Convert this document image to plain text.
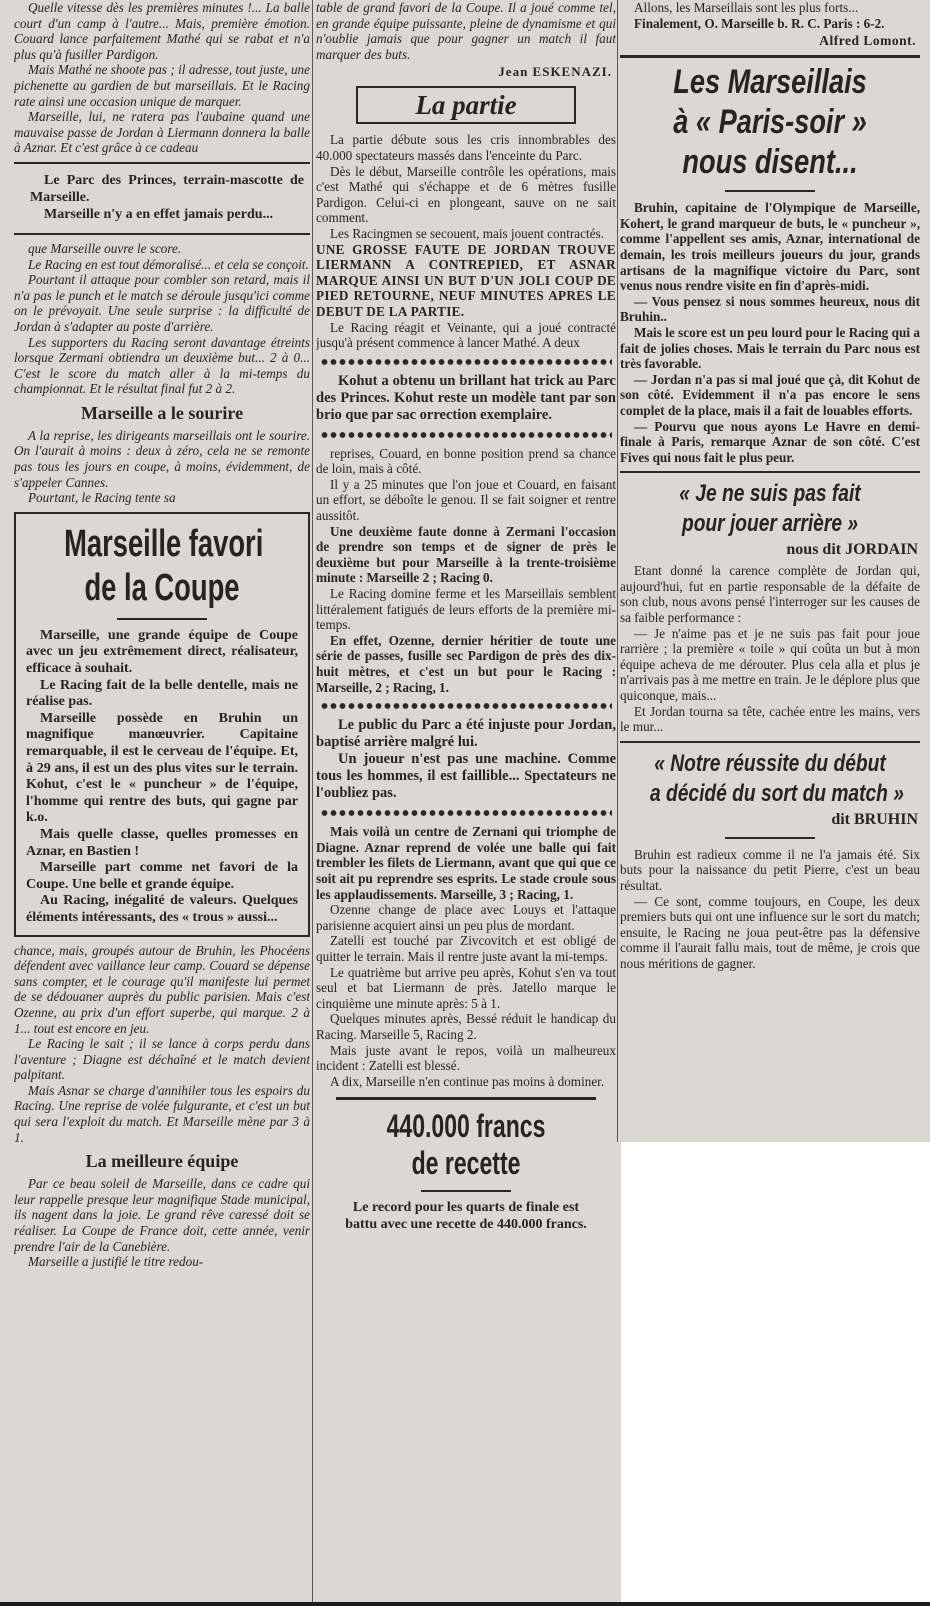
Quelle vitesse dès les premières minutes !... La balle court d'un camp à l'autre... Mais, première émotion. Couard lance parfaitement Mathé qui se rabat et n'a plus qu'à fusiller Pardigon.

Mais Mathé ne shoote pas ; il adresse, tout juste, une pichenette au gardien de but marseillais. Et le Racing rate ainsi une occasion unique de marquer.

Marseille, lui, ne ratera pas l'aubaine quand une mauvaise passe de Jordan à Liermann donnera la balle à Aznar. Et c'est grâce à ce cadeau

Le Parc des Princes, terrain-mascotte de Marseille.

Marseille n'y a en effet jamais perdu...

que Marseille ouvre le score.

Le Racing en est tout démoralisé... et cela se conçoit.

Pourtant il attaque pour combler son retard, mais il n'a pas le punch et le match se déroule jusqu'ici comme on le prévoyait. Une seule surprise : la difficulté de Jordan à s'adapter au poste d'arrière.

Les supporters du Racing seront davantage étreints lorsque Zermani obtiendra un deuxième but... 2 à 0... C'est le score du match aller à la mi-temps du championnat. Et le résultat final fut 2 à 2.

Marseille a le sourire

A la reprise, les dirigeants marseillais ont le sourire. On l'aurait à moins : deux à zéro, cela ne se remonte pas tous les jours en coupe, à moins, évidemment, de s'appeler Cannes.

Pourtant, le Racing tente sa

Marseille favori
de la Coupe

Marseille, une grande équipe de Coupe avec un jeu extrêmement direct, réalisateur, efficace à souhait.

Le Racing fait de la belle dentelle, mais ne réalise pas.

Marseille possède en Bruhin un magnifique manœuvrier. Capitaine remarquable, il est le cerveau de l'équipe. Et, à 29 ans, il est un des plus vites sur le terrain. Kohut, c'est le « puncheur » de l'équipe, l'homme qui rentre des buts, qui gagne par k.o.

Mais quelle classe, quelles promesses en Aznar, en Bastien !

Marseille part comme net favori de la Coupe. Une belle et grande équipe.

Au Racing, inégalité de valeurs. Quelques éléments intéressants, des « trous » aussi...

chance, mais, groupés autour de Bruhin, les Phocéens défendent avec vaillance leur camp. Couard se dépense sans compter, et le courage qu'il manifeste lui permet de se dédouaner auprès du public parisien. Mais c'est Ozenne, au prix d'un effort superbe, qui marque. 2 à 1... tout est encore en jeu.

Le Racing le sait ; il se lance à corps perdu dans l'aventure ; Diagne est déchaîné et le match devient palpitant.

Mais Asnar se charge d'annihiler tous les espoirs du Racing. Une reprise de volée fulgurante, et c'est un but qui sera l'exploit du match. Et Marseille mène par 3 à 1.

La meilleure équipe

Par ce beau soleil de Marseille, dans ce cadre qui leur rappelle presque leur magnifique Stade municipal, ils nagent dans la joie. Le grand rêve caressé doit se réaliser. La Coupe de France doit, cette année, venir prendre l'air de la Canebière.

Marseille a justifié le titre redou-

table de grand favori de la Coupe. Il a joué comme tel, en grande équipe puissante, pleine de dynamisme et qui n'oublie jamais que pour gagner un match il faut marquer des buts.

Jean ESKENAZI.
La partie

La partie débute sous les cris innombrables des 40.000 spectateurs massés dans l'enceinte du Parc.

Dès le début, Marseille contrôle les opérations, mais c'est Mathé qui s'échappe et de 6 mètres fusille Pardigon. Celui-ci en plongeant, sauve on ne sait comment.

Les Racingmen se secouent, mais jouent contractés.

UNE GROSSE FAUTE DE JORDAN TROUVE LIERMANN A CONTREPIED, ET ASNAR MARQUE AINSI UN BUT D'UN JOLI COUP DE PIED RETOURNE, NEUF MINUTES APRES LE DEBUT DE LA PARTIE.

Le Racing réagit et Veinante, qui a joué contracté jusqu'à présent commence à lancer Mathé. A deux

Kohut a obtenu un brillant hat trick au Parc des Princes. Kohut reste un modèle tant par son brio que par sac orrection exemplaire.

reprises, Couard, en bonne position prend sa chance de loin, mais à côté.

Il y a 25 minutes que l'on joue et Couard, en faisant un effort, se déboîte le genou. Il se fait soigner et rentre aussitôt.

Une deuxième faute donne à Zermani l'occasion de prendre son temps et de signer de près le deuxième but pour Marseille à la trente-troisième minute : Marseille 2 ; Racing 0.

Le Racing domine ferme et les Marseillais semblent littéralement fatigués de leurs efforts de la première mi-temps.

En effet, Ozenne, dernier héritier de toute une série de passes, fusille sec Pardigon de près des dix-huit mètres, et c'est un but pour le Racing : Marseille, 2 ; Racing, 1.

Le public du Parc a été injuste pour Jordan, baptisé arrière malgré lui.

Un joueur n'est pas une machine. Comme tous les hommes, il est faillible... Spectateurs ne l'oubliez pas.

Mais voilà un centre de Zernani qui triomphe de Diagne. Aznar reprend de volée une balle qui fait trembler les filets de Liermann, avant que qui que ce soit ait pu reprendre ses esprits. Le stade croule sous les applaudissements. Marseille, 3 ; Racing, 1.

Ozenne change de place avec Louys et l'attaque parisienne acquiert ainsi un peu plus de mordant.

Zatelli est touché par Zivcovitch et est obligé de quitter le terrain. Mais il rentre juste avant la mi-temps.

Le quatrième but arrive peu après, Kohut s'en va tout seul et bat Liermann de près. Jatello marque le cinquième une minute après: 5 à 1.

Quelques minutes après, Bessé réduit le handicap du Racing. Marseille 5, Racing 2.

Mais juste avant le repos, voilà un malheureux incident : Zatelli est blessé.

A dix, Marseille n'en continue pas moins à dominer.

440.000 francs
de recette

Le record pour les quarts de finale est battu avec une recette de 440.000 francs.

Allons, les Marseillais sont les plus forts...

Finalement, O. Marseille b. R. C. Paris : 6-2.

Alfred Lomont.
Les Marseillais
à « Paris-soir »
nous disent...

Bruhin, capitaine de l'Olympique de Marseille, Kohert, le grand marqueur de buts, le « puncheur », comme l'appellent ses amis, Aznar, international de demain, les trois meilleurs joueurs du jour, grands artisans de la magnifique victoire du Parc, sont venus nous rendre visite en fin d'après-midi.

— Vous pensez si nous sommes heureux, nous dit Bruhin..

Mais le score est un peu lourd pour le Racing qui a fait de jolies choses. Mais le terrain du Parc nous est très favorable.

— Jordan n'a pas si mal joué que çà, dit Kohut de son côté. Evidemment il n'a pas encore le sens complet de la place, mais il a fait de louables efforts.

— Pourvu que nous ayons Le Havre en demi-finale à Paris, remarque Aznar de son côté. C'est Fives qui nous fait le plus peur.

« Je ne suis pas fait
pour jouer arrière »
nous dit JORDAIN

Etant donné la carence complète de Jordan qui, aujourd'hui, fut en partie responsable de la défaite de son club, nous avons pensé l'interroger sur les causes de sa faible performance :

— Je n'aime pas et je ne suis pas fait pour joue rarrière ; la première « toile » qui coûta un but à mon équipe acheva de me dérouter. Plus cela alla et plus je n'arrivais pas à me mettre en train. Je le déplore plus que quiconque, mais...

Et Jordan tourna sa tête, cachée entre les mains, vers le mur...

« Notre réussite du début
a décidé du sort du match »
dit BRUHIN

Bruhin est radieux comme il ne l'a jamais été. Six buts pour la naissance du petit Pierre, c'est un beau résultat.

— Ce sont, comme toujours, en Coupe, les deux premiers buts qui ont une influence sur le sort du match; ensuite, le Racing ne joua peut-être pas la défensive comme il l'aurait fallu mais, tout de même, je crois que nous méritions de gagner.
